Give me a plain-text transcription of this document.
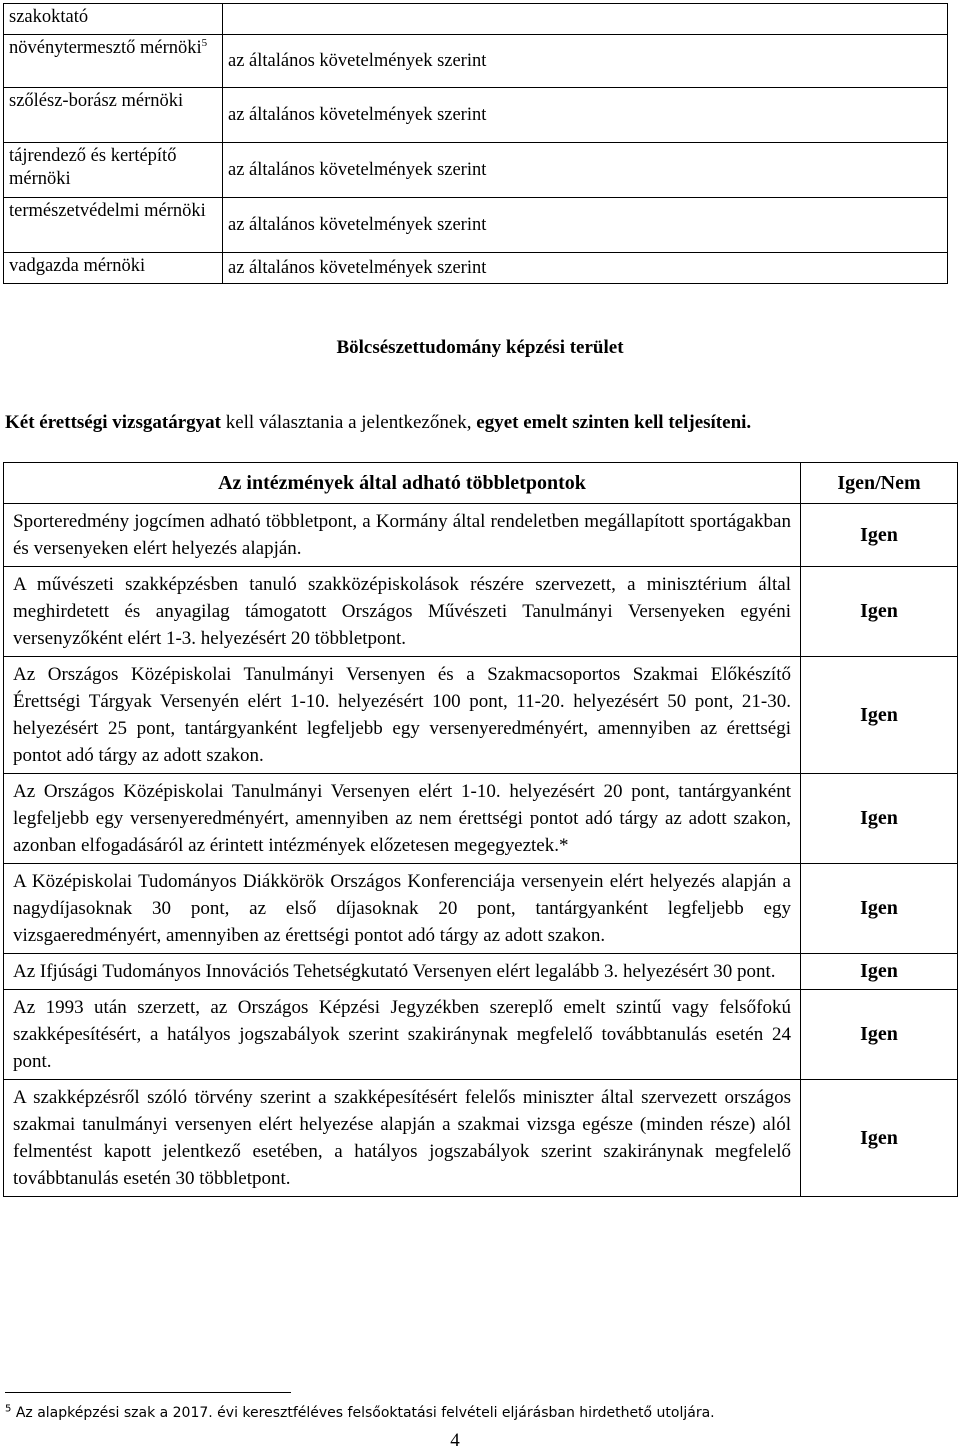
szakoktató	
növénytermesztő mérnöki$^5$	az általános követelmények szerint
szőlész-borász mérnöki	az általános követelmények szerint
tájrendező és kertépítő mérnöki	az általános követelmények szerint
természetvédelmi mérnöki	az általános követelmények szerint
vadgazda mérnöki	az általános követelmények szerint
Bölcsészettudomány képzési terület
Két érettségi vizsgatárgyat kell választania a jelentkezőnek, egyet emelt szinten kell teljesíteni.
Az intézmények által adható többletpontok	Igen/Nem
Sporteredmény jogcímen adható többletpont, a Kormány által rendeletben megállapított sportágakban és versenyeken elért helyezés alapján.	Igen
A művészeti szakképzésben tanuló szakközépiskolások részére szervezett, a minisztérium által meghirdetett és anyagilag támogatott Országos Művészeti Tanulmányi Versenyeken egyéni versenyzőként elért 1-3. helyezésért 20 többletpont.	Igen
Az Országos Középiskolai Tanulmányi Versenyen és a Szakmacsoportos Szakmai Előkészítő Érettségi Tárgyak Versenyén elért 1-10. helyezésért 100 pont, 11-20. helyezésért 50 pont, 21-30. helyezésért 25 pont, tantárgyanként legfeljebb egy versenyeredményért, amennyiben az érettségi pontot adó tárgy az adott szakon.	Igen
Az Országos Középiskolai Tanulmányi Versenyen elért 1-10. helyezésért 20 pont, tantárgyanként legfeljebb egy versenyeredményért, amennyiben az nem érettségi pontot adó tárgy az adott szakon, azonban elfogadásáról az érintett intézmények előzetesen megegyeztek.*	Igen
A Középiskolai Tudományos Diákkörök Országos Konferenciája versenyein elért helyezés alapján a nagydíjasoknak 30 pont, az első díjasoknak 20 pont, tantárgyanként legfeljebb egy vizsgaeredményért, amennyiben az érettségi pontot adó tárgy az adott szakon.	Igen
Az Ifjúsági Tudományos Innovációs Tehetségkutató Versenyen elért legalább 3. helyezésért 30 pont.	Igen
Az 1993 után szerzett, az Országos Képzési Jegyzékben szereplő emelt szintű vagy felsőfokú szakképesítésért, a hatályos jogszabályok szerint szakiránynak megfelelő továbbtanulás esetén 24 pont.	Igen
A szakképzésről szóló törvény szerint a szakképesítésért felelős miniszter által szervezett országos szakmai tanulmányi versenyen elért helyezése alapján a szakmai vizsga egésze (minden része) alól felmentést kapott jelentkező esetében, a hatályos jogszabályok szerint szakiránynak megfelelő továbbtanulás esetén 30 többletpont.	Igen
$^5$ Az alapképzési szak a 2017. évi keresztféléves felsőoktatási felvételi eljárásban hirdethető utoljára.
4
